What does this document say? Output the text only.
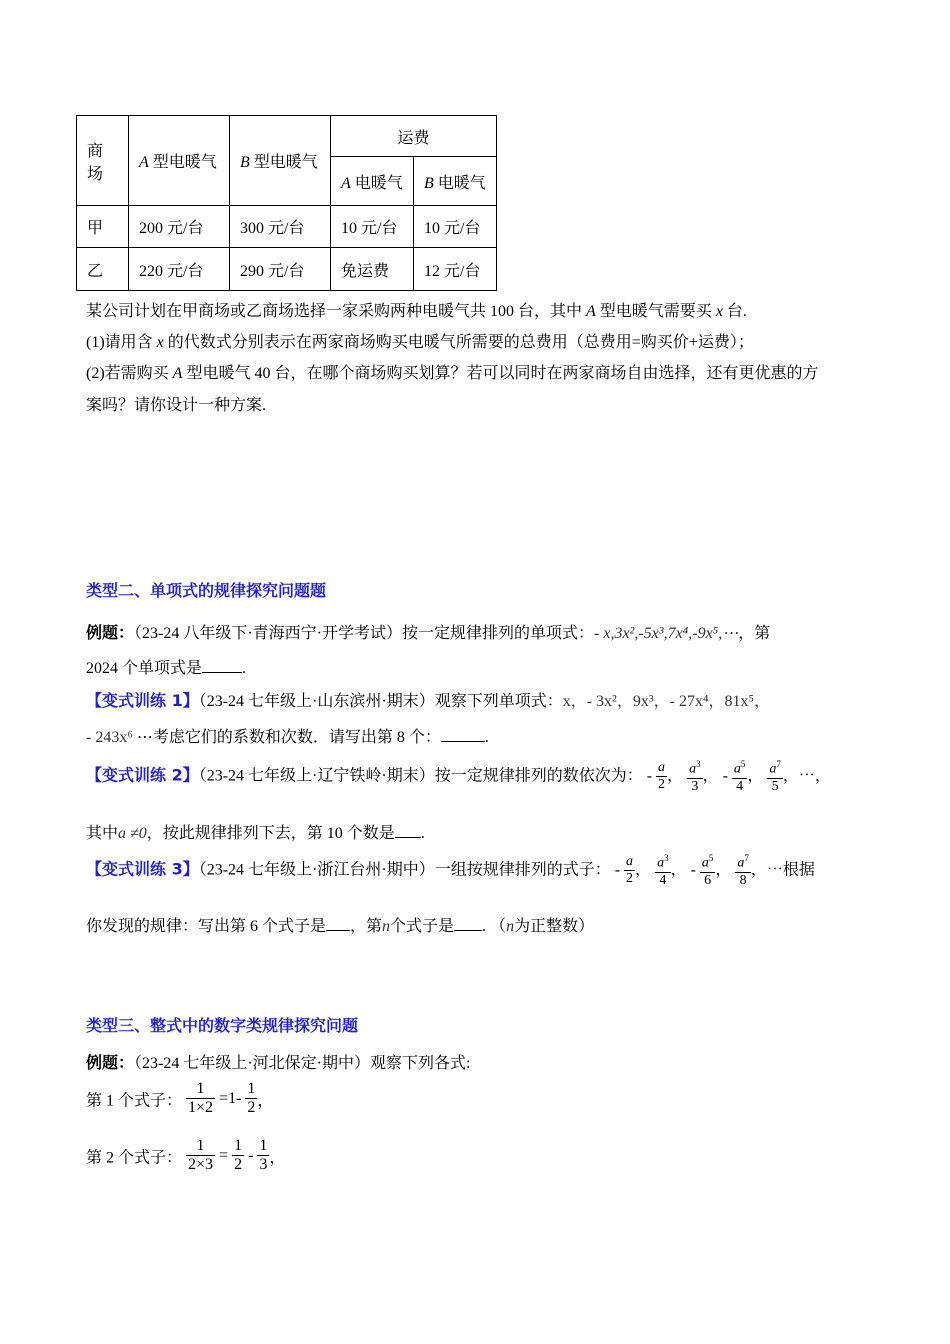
商场	A 型电暖气	B 型电暖气	运费	
			A 电暖气	B 电暖气
甲	200 元/台	300 元/台	10 元/台	10 元/台
乙	220 元/台	290 元/台	免运费	12 元/台
某公司计划在甲商场或乙商场选择一家采购两种电暖气共 100 台，其中 A 型电暖气需要买 x 台.
(1)请用含 x 的代数式分别表示在两家商场购买电暖气所需要的总费用（总费用=购买价+运费）；
(2)若需购买 A 型电暖气 40 台，在哪个商场购买划算？若可以同时在两家商场自由选择，还有更优惠的方
案吗？请你设计一种方案.
类型二、单项式的规律探究问题题
例题：（23-24 八年级下·青海西宁·开学考试）按一定规律排列的单项式：- x,3x²,-5x³,7x⁴,-9x⁵,⋯，第
2024 个单项式是	.
【变式训练 1】（23-24 七年级上·山东滨州·期末）观察下列单项式：x，- 3x²，9x³，- 27x⁴，81x⁵，
- 243x⁶ ⋯考虑它们的系数和次数．请写出第 8 个：	.
【变式训练 2】（23-24 七年级上·辽宁铁岭·期末）按一定规律排列的数依次为： - $\frac{a}{2}$ ， $\frac{a^3}{3}$ ， - $\frac{a^5}{4}$ ， $\frac{a^7}{5}$ ，⋯，
其中a ≠0，按此规律排列下去，第 10 个数是 .
【变式训练 3】（23-24 七年级上·浙江台州·期中）一组按规律排列的式子： - $\frac{a}{2}$ ， $\frac{a^3}{4}$ ， - $\frac{a^5}{6}$ ， $\frac{a^7}{8}$ ，⋯根据
你发现的规律：写出第 6 个式子是 ，第n个式子是 . （n为正整数）
类型三、整式中的数字类规律探究问题
例题：（23-24 七年级上·河北保定·期中）观察下列各式:
第 1 个式子： $\frac{1}{1\times 2} =1- \frac{1}{2}$ ，
第 2 个式子： $\frac{1}{2\times 3} = \frac{1}{2} - \frac{1}{3}$ ，
